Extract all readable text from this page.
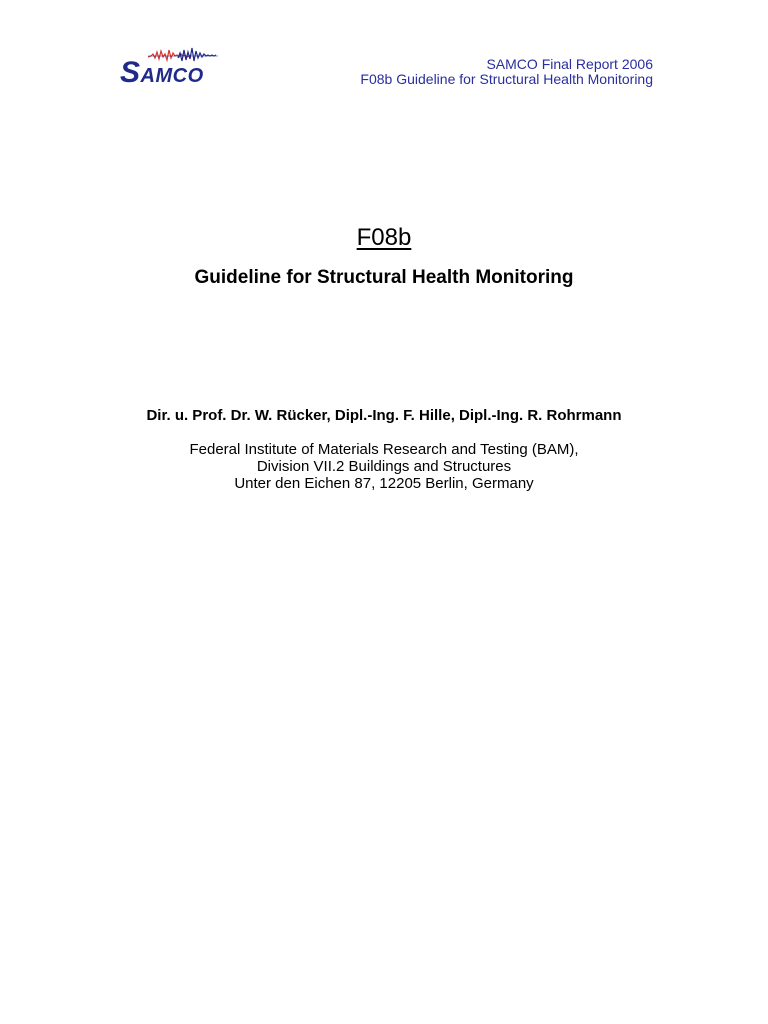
SAMCO
SAMCO Final Report 2006
F08b Guideline for Structural Health Monitoring
F08b
Guideline for Structural Health Monitoring
Dir. u. Prof. Dr. W. Rücker, Dipl.-Ing. F. Hille, Dipl.-Ing. R. Rohrmann
Federal Institute of Materials Research and Testing (BAM),
Division VII.2 Buildings and Structures
Unter den Eichen 87, 12205 Berlin, Germany
